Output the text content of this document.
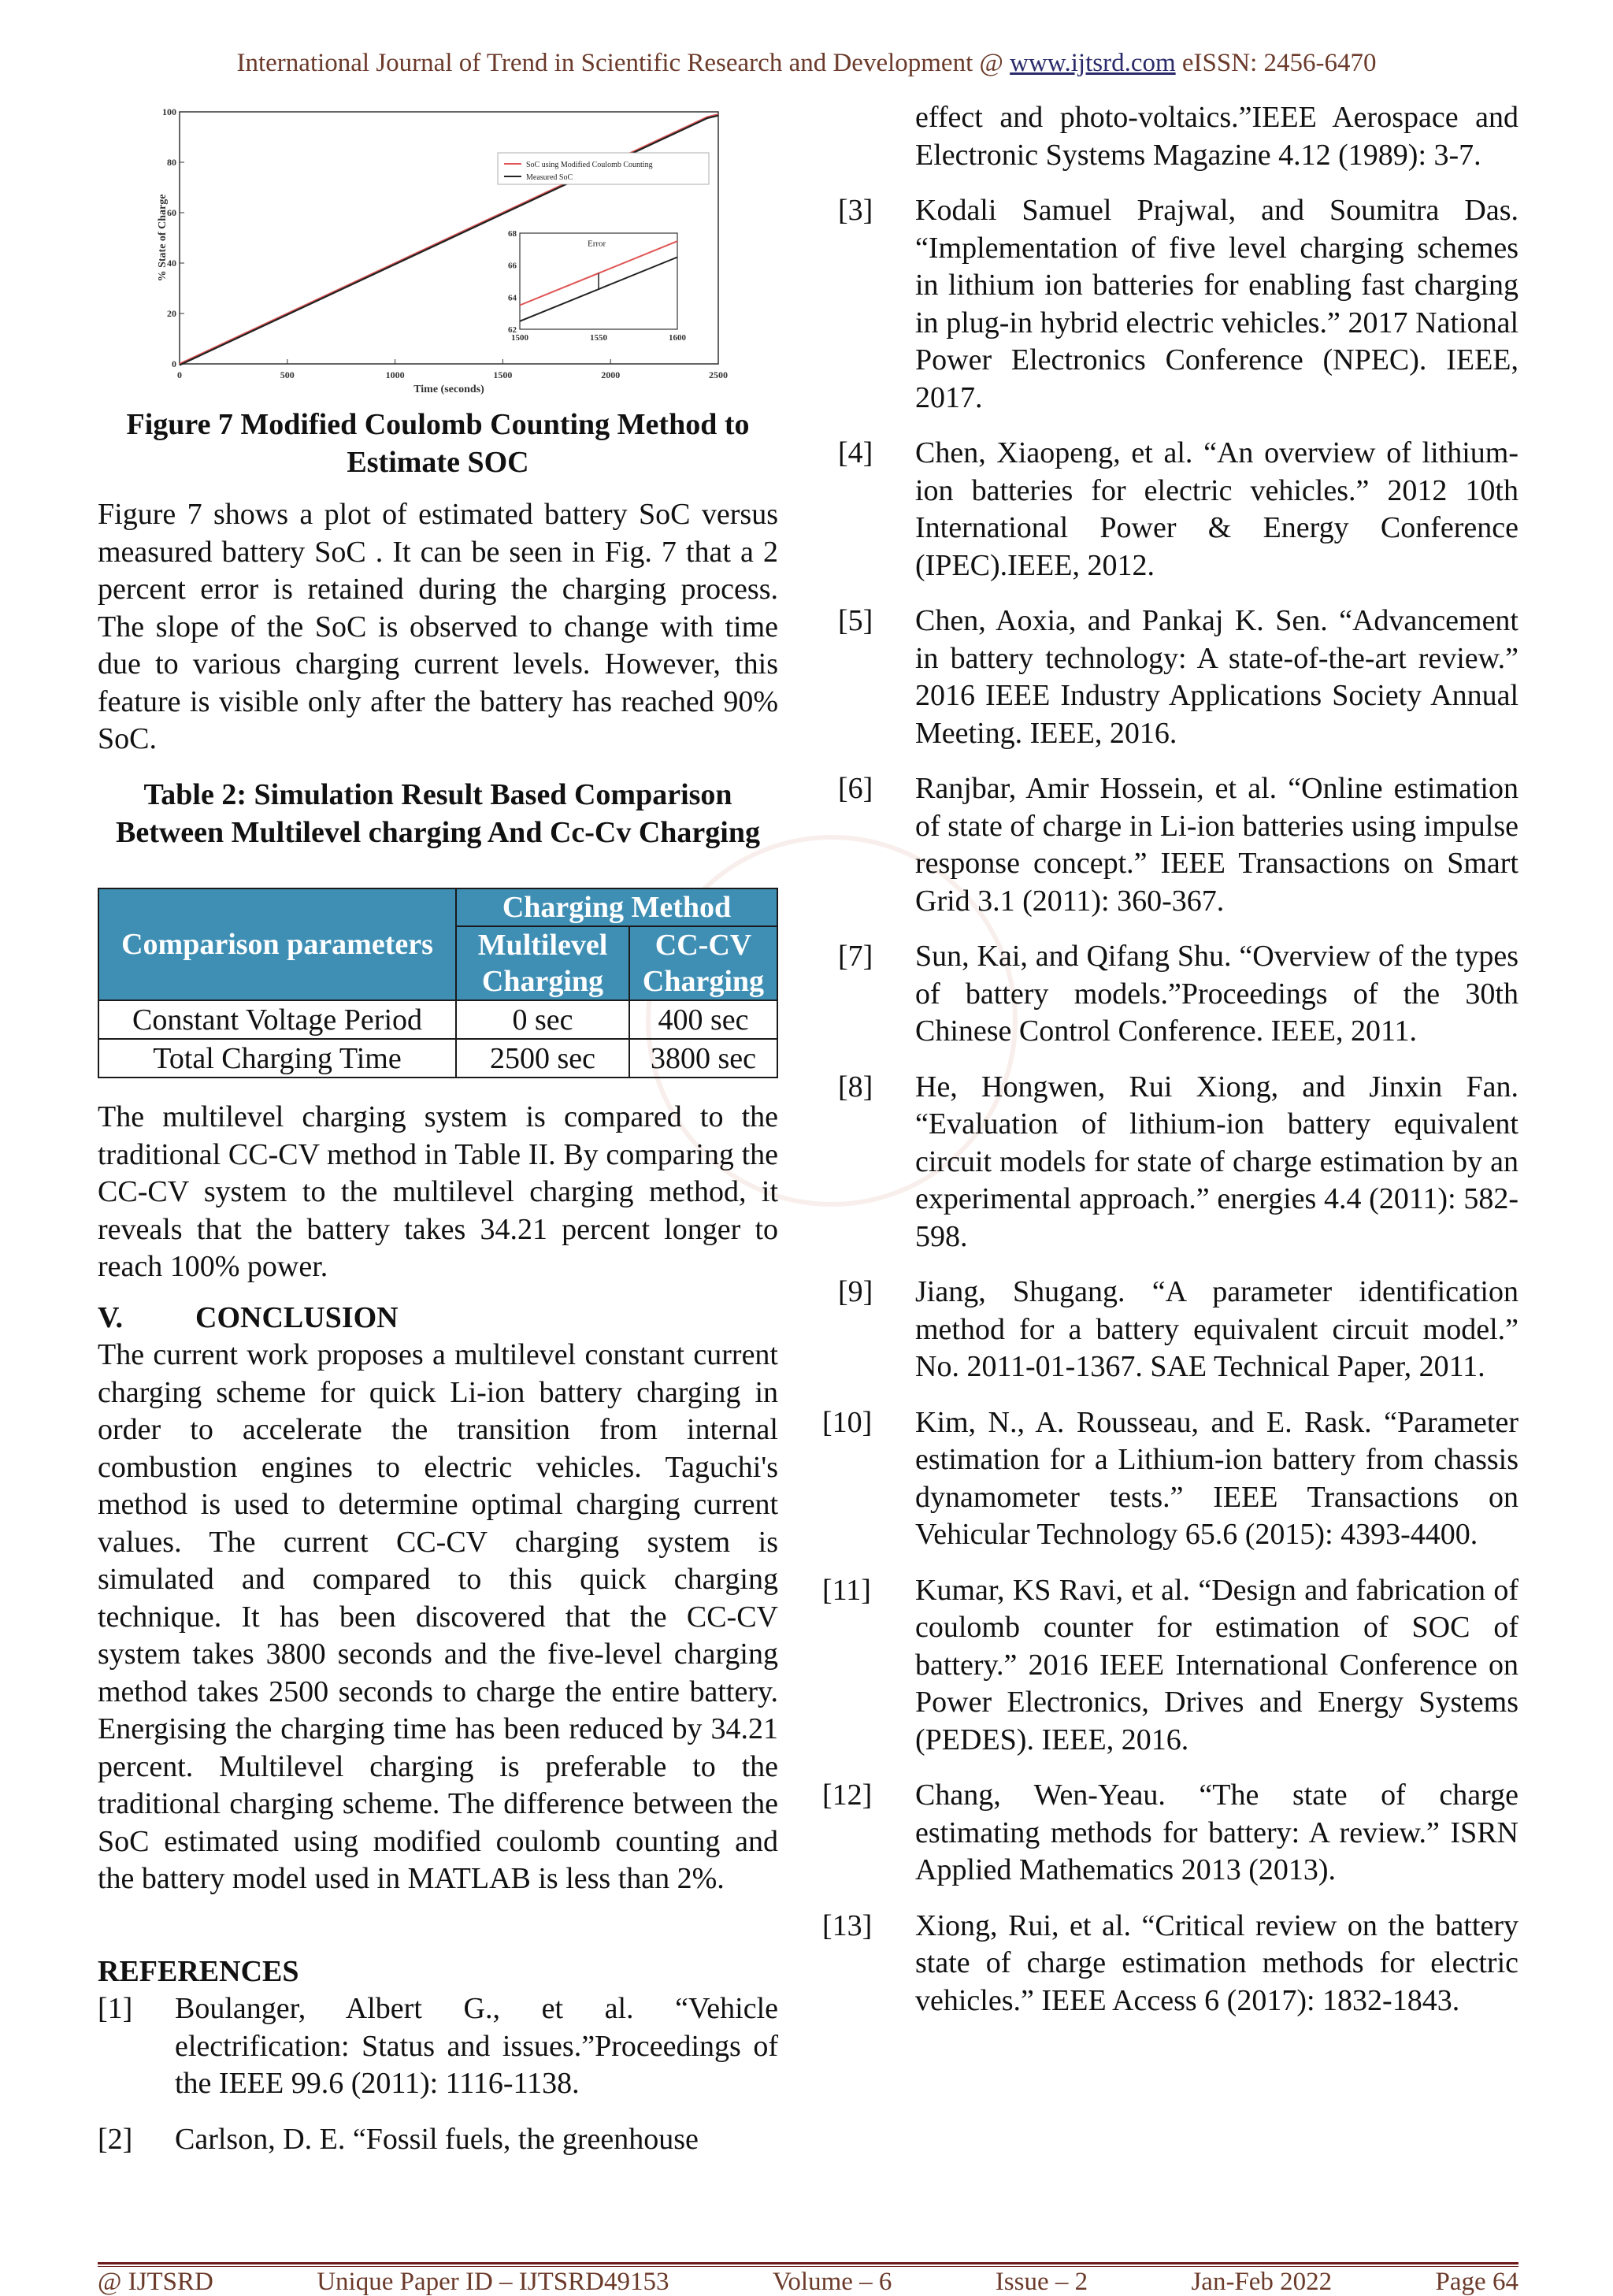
International Journal of Trend in Scientific Research and Development @ www.ijtsrd.com eISSN: 2456-6470
0	500	1000	1500	2000	2500
0
20
40
60
80
100
Time (seconds)
% State of Charge
SoC using Modified Coulomb Counting
Measured SoC
1500	1550	1600
62
64
66
68
Error
Figure 7 Modified Coulomb Counting Method to Estimate SOC

Figure 7 shows a plot of estimated battery SoC versus measured battery SoC . It can be seen in Fig. 7 that a 2 percent error is retained during the charging process. The slope of the SoC is observed to change with time due to various charging current levels. However, this feature is visible only after the battery has reached 90% SoC.

Table 2: Simulation Result Based Comparison Between Multilevel charging And Cc-Cv Charging
Comparison parameters	Charging Method	
	Multilevel Charging	CC-CV Charging
Constant Voltage Period	0 sec	400 sec
Total Charging Time	2500 sec	3800 sec

The multilevel charging system is compared to the traditional CC-CV method in Table II. By comparing the CC-CV system to the multilevel charging method, it reveals that the battery takes 34.21 percent longer to reach 100% power.

V. CONCLUSION

The current work proposes a multilevel constant current charging scheme for quick Li-ion battery charging in order to accelerate the transition from internal combustion engines to electric vehicles. Taguchi's method is used to determine optimal charging current values. The current CC-CV charging system is simulated and compared to this quick charging technique. It has been discovered that the CC-CV system takes 3800 seconds and the five-level charging method takes 2500 seconds to charge the entire battery. Energising the charging time has been reduced by 34.21 percent. Multilevel charging is preferable to the traditional charging scheme. The difference between the SoC estimated using modified coulomb counting and the battery model used in MATLAB is less than 2%.

REFERENCES
[1] Boulanger, Albert G., et al. “Vehicle electrification: Status and issues.”Proceedings of the IEEE 99.6 (2011): 1116-1138.
[2] Carlson, D. E. “Fossil fuels, the greenhouse
effect and photo-voltaics.”IEEE Aerospace and Electronic Systems Magazine 4.12 (1989): 3-7.
[3] Kodali Samuel Prajwal, and Soumitra Das. “Implementation of five level charging schemes in lithium ion batteries for enabling fast charging in plug-in hybrid electric vehicles.” 2017 National Power Electronics Conference (NPEC). IEEE, 2017.
[4] Chen, Xiaopeng, et al. “An overview of lithium-ion batteries for electric vehicles.” 2012 10th International Power & Energy Conference (IPEC).IEEE, 2012.
[5] Chen, Aoxia, and Pankaj K. Sen. “Advancement in battery technology: A state-of-the-art review.” 2016 IEEE Industry Applications Society Annual Meeting. IEEE, 2016.
[6] Ranjbar, Amir Hossein, et al. “Online estimation of state of charge in Li-ion batteries using impulse response concept.” IEEE Transactions on Smart Grid 3.1 (2011): 360-367.
[7] Sun, Kai, and Qifang Shu. “Overview of the types of battery models.”Proceedings of the 30th Chinese Control Conference. IEEE, 2011.
[8] He, Hongwen, Rui Xiong, and Jinxin Fan. “Evaluation of lithium-ion battery equivalent circuit models for state of charge estimation by an experimental approach.” energies 4.4 (2011): 582-598.
[9] Jiang, Shugang. “A parameter identification method for a battery equivalent circuit model.” No. 2011-01-1367. SAE Technical Paper, 2011.
[10] Kim, N., A. Rousseau, and E. Rask. “Parameter estimation for a Lithium-ion battery from chassis dynamometer tests.” IEEE Transactions on Vehicular Technology 65.6 (2015): 4393-4400.
[11] Kumar, KS Ravi, et al. “Design and fabrication of coulomb counter for estimation of SOC of battery.” 2016 IEEE International Conference on Power Electronics, Drives and Energy Systems (PEDES). IEEE, 2016.
[12] Chang, Wen-Yeau. “The state of charge estimating methods for battery: A review.” ISRN Applied Mathematics 2013 (2013).
[13] Xiong, Rui, et al. “Critical review on the battery state of charge estimation methods for electric vehicles.” IEEE Access 6 (2017): 1832-1843.
@ IJTSRD	Unique Paper ID – IJTSRD49153	Volume – 6	Issue – 2	Jan-Feb 2022	Page 64
